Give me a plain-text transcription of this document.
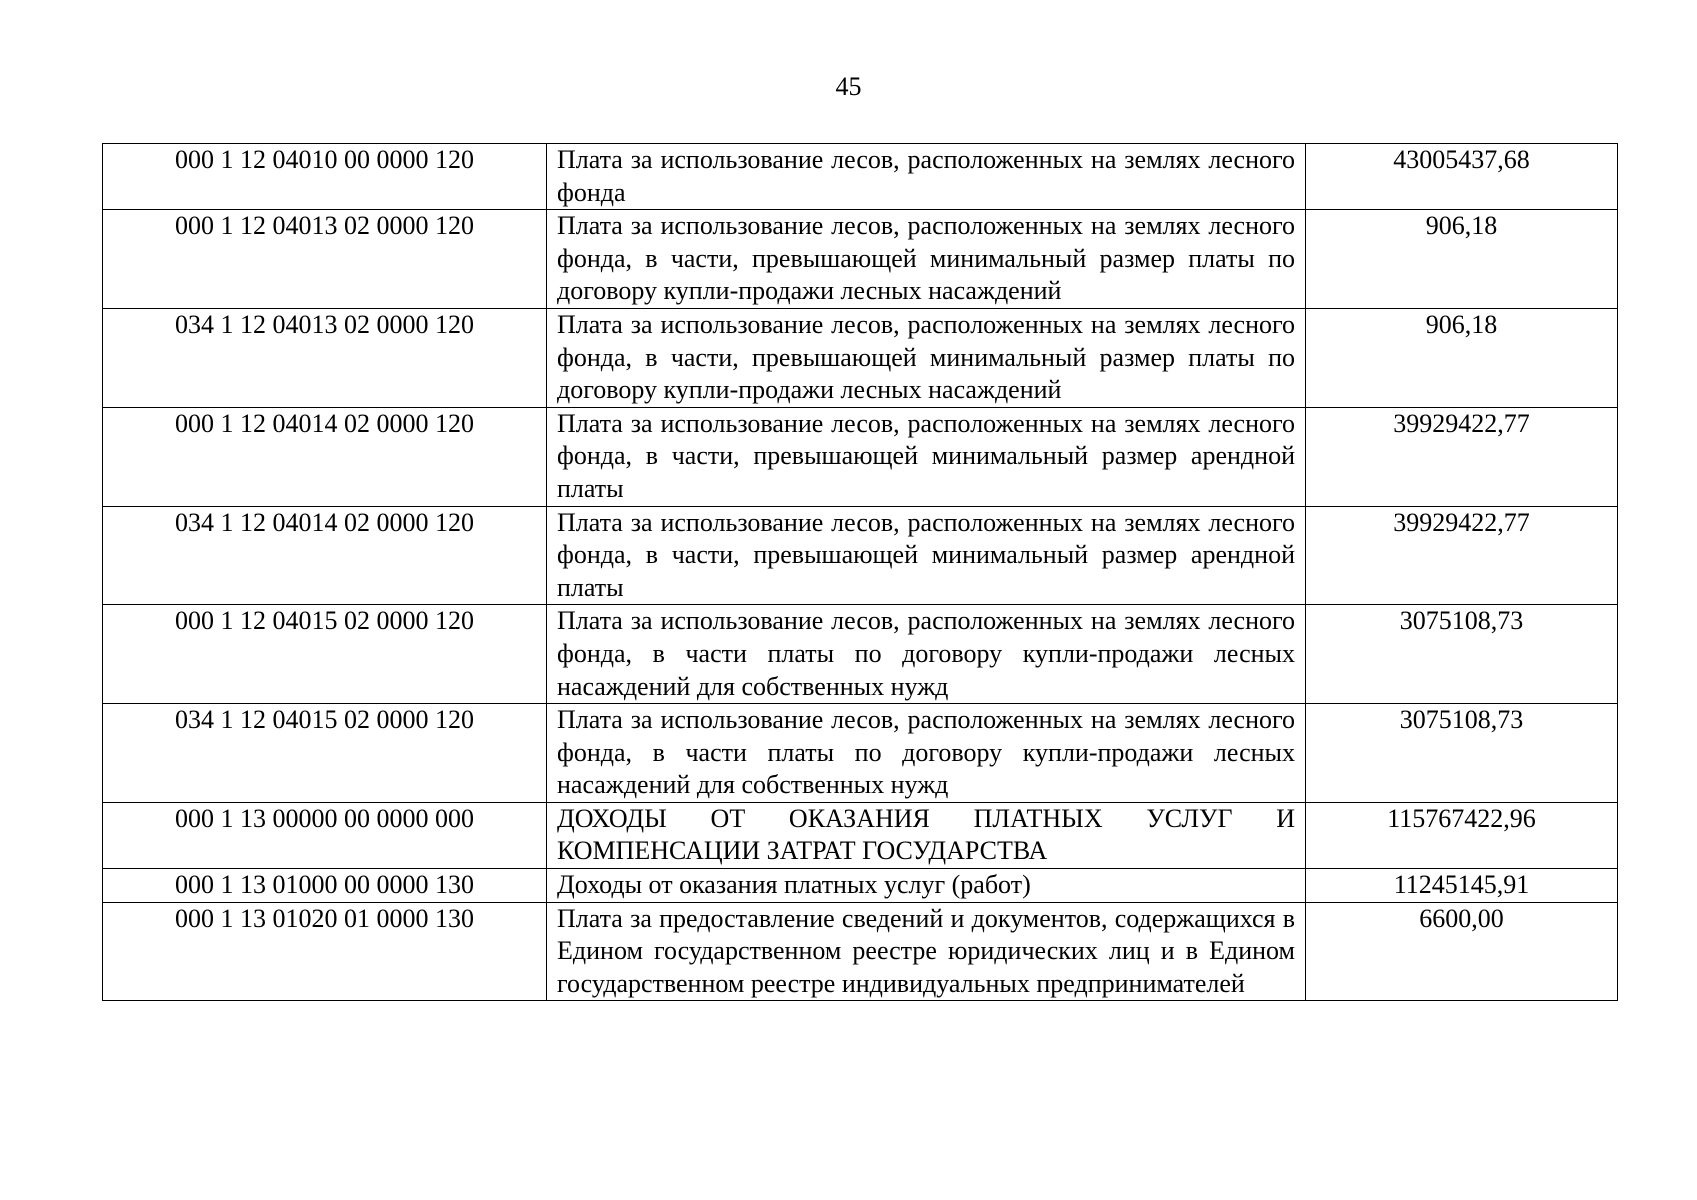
45
000 1 12 04010 00 0000 120	Плата за использование лесов, расположенных на землях лесного фонда	43005437,68
000 1 12 04013 02 0000 120	Плата за использование лесов, расположенных на землях лесного фонда, в части, превышающей минимальный размер платы по договору купли-продажи лесных насаждений	906,18
034 1 12 04013 02 0000 120	Плата за использование лесов, расположенных на землях лесного фонда, в части, превышающей минимальный размер платы по договору купли-продажи лесных насаждений	906,18
000 1 12 04014 02 0000 120	Плата за использование лесов, расположенных на землях лесного фонда, в части, превышающей минимальный размер арендной платы	39929422,77
034 1 12 04014 02 0000 120	Плата за использование лесов, расположенных на землях лесного фонда, в части, превышающей минимальный размер арендной платы	39929422,77
000 1 12 04015 02 0000 120	Плата за использование лесов, расположенных на землях лесного фонда, в части платы по договору купли-продажи лесных насаждений для собственных нужд	3075108,73
034 1 12 04015 02 0000 120	Плата за использование лесов, расположенных на землях лесного фонда, в части платы по договору купли-продажи лесных насаждений для собственных нужд	3075108,73
000 1 13 00000 00 0000 000	ДОХОДЫ ОТ ОКАЗАНИЯ ПЛАТНЫХ УСЛУГ И КОМПЕНСАЦИИ ЗАТРАТ ГОСУДАРСТВА	115767422,96
000 1 13 01000 00 0000 130	Доходы от оказания платных услуг (работ)	11245145,91
000 1 13 01020 01 0000 130	Плата за предоставление сведений и документов, содержащихся в Едином государственном реестре юридических лиц и в Едином государственном реестре индивидуальных предпринимателей	6600,00
